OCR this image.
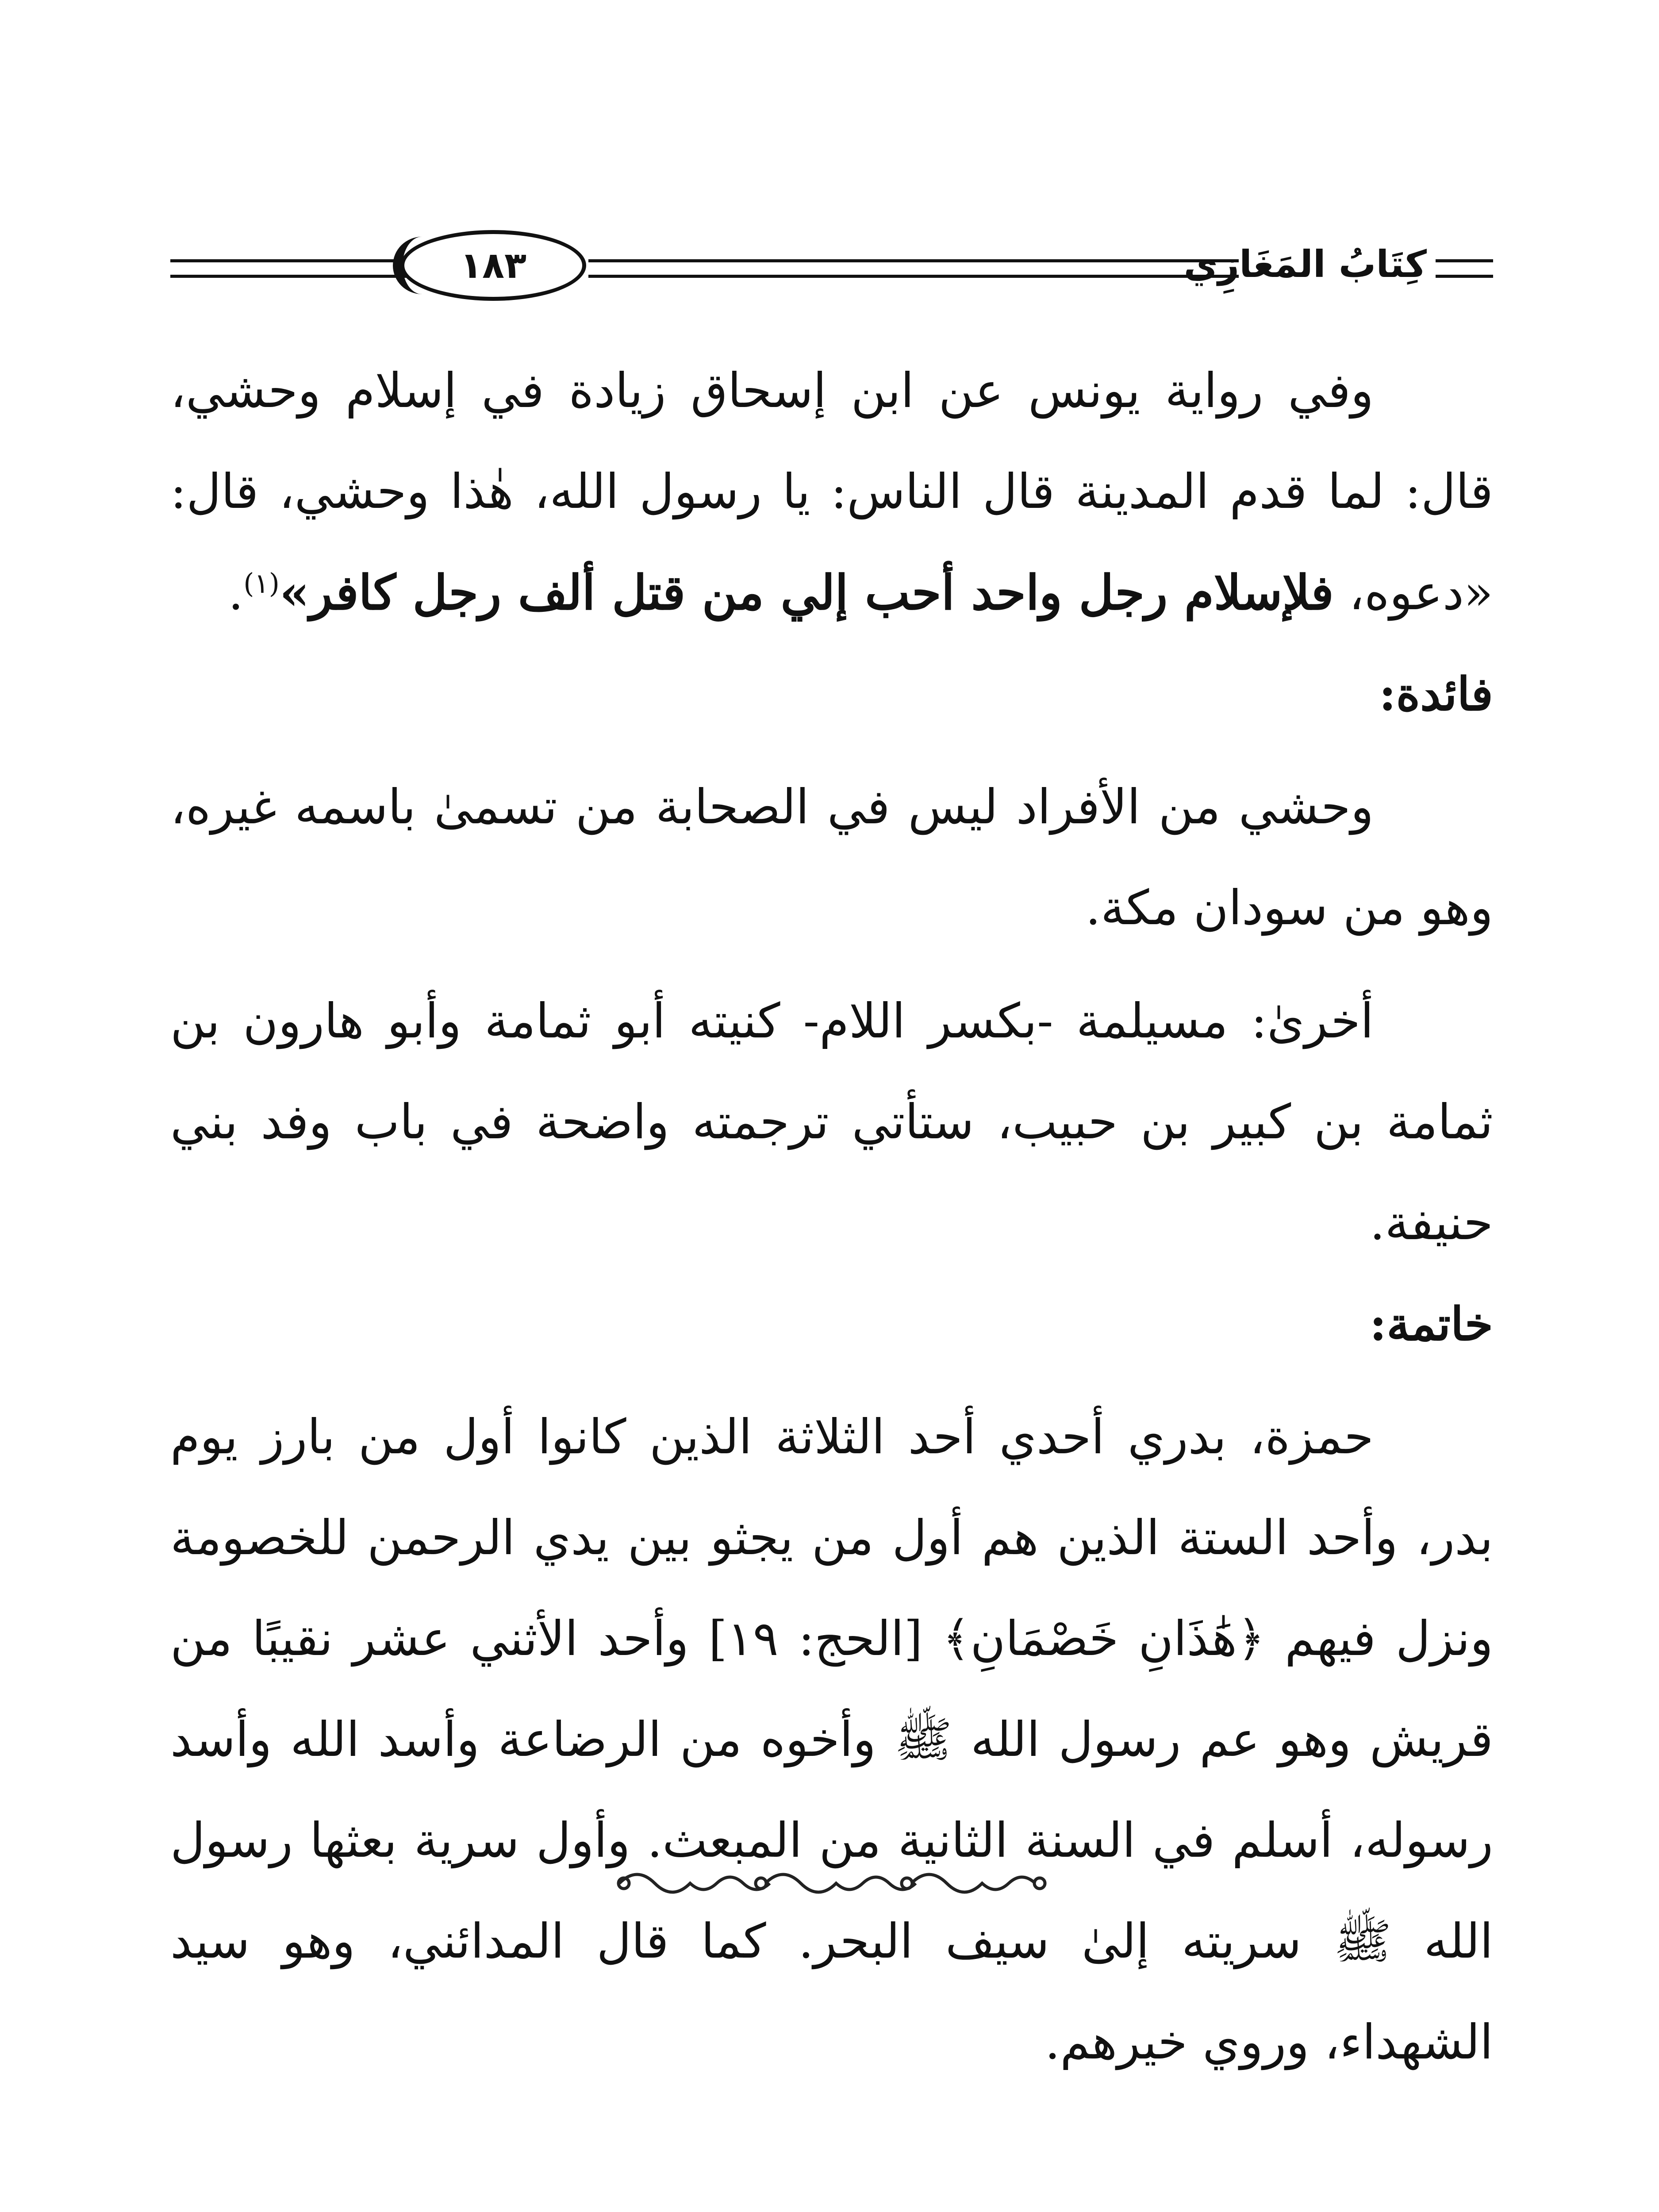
١٨٣	كِتَابُ المَغَازِي

وفي رواية يونس عن ابن إسحاق زيادة في إسلام وحشي، قال: لما قدم المدينة قال الناس: يا رسول الله، هٰذا وحشي، قال: «دعوه، فلإسلام رجل واحد أحب إلي من قتل ألف رجل كافر»$^{(١)}$.

فائدة:

وحشي من الأفراد ليس في الصحابة من تسمىٰ باسمه غيره، وهو من سودان مكة.

أخرىٰ: مسيلمة -بكسر اللام- كنيته أبو ثمامة وأبو هارون بن ثمامة بن كبير بن حبيب، ستأتي ترجمته واضحة في باب وفد بني حنيفة.

خاتمة:

حمزة، بدري أحدي أحد الثلاثة الذين كانوا أول من بارز يوم بدر، وأحد الستة الذين هم أول من يجثو بين يدي الرحمن للخصومة ونزل فيهم ﴿هَٰذَانِ خَصْمَانِ﴾ [الحج: ١٩] وأحد الأثني عشر نقيبًا من قريش وهو عم رسول الله ﷺ وأخوه من الرضاعة وأسد الله وأسد رسوله، أسلم في السنة الثانية من المبعث. وأول سرية بعثها رسول الله ﷺ سريته إلىٰ سيف البحر. كما قال المدائني، وهو سيد الشهداء، وروي خيرهم.
